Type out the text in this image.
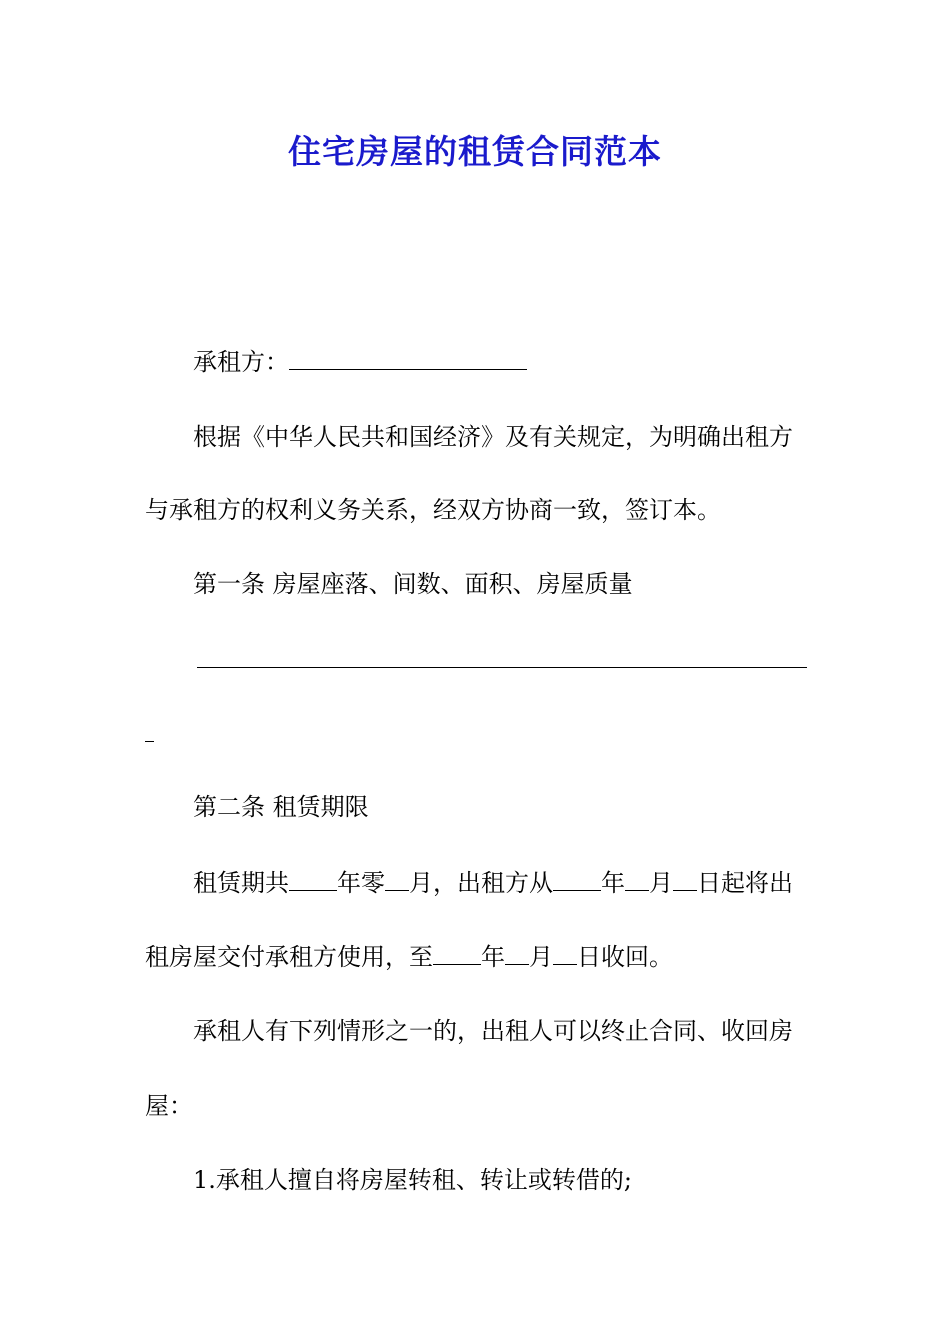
住宅房屋的租赁合同范本
承租方：
根据《中华人民共和国经济》及有关规定，为明确出租方
与承租方的权利义务关系，经双方协商一致，签订本。
第一条 房屋座落、间数、面积、房屋质量
第二条 租赁期限
租赁期共 年零 月，出租方从 年 月 日起将出
租房屋交付承租方使用，至 年 月 日收回。
承租人有下列情形之一的，出租人可以终止合同、收回房
屋：
1.承租人擅自将房屋转租、转让或转借的;
